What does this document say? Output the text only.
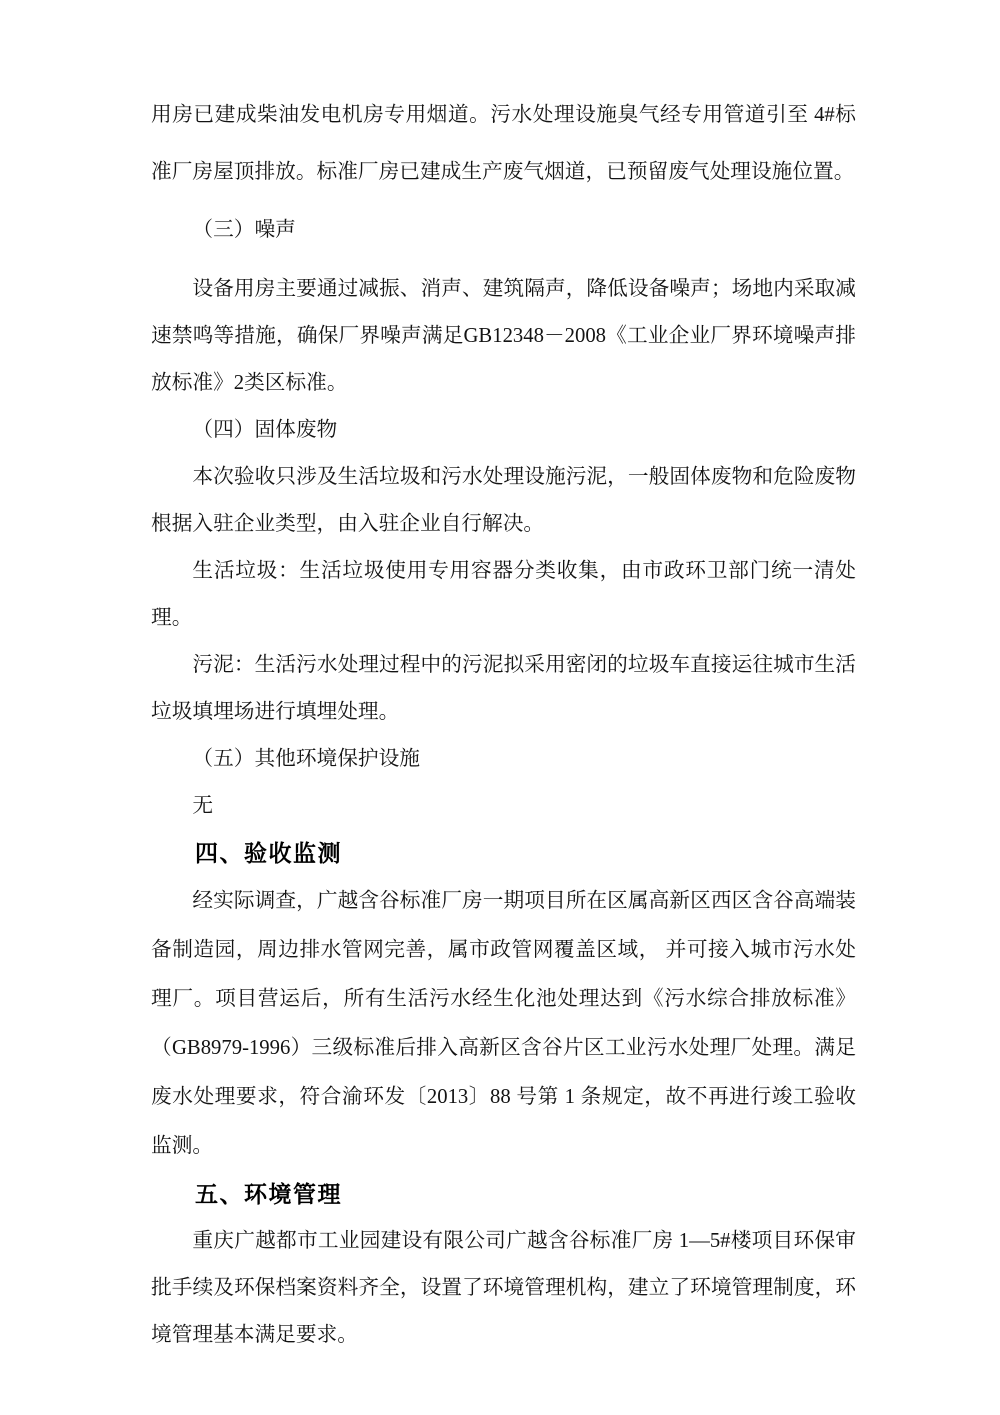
用房已建成柴油发电机房专用烟道。污水处理设施臭气经专用管道引至 4#标准厂房屋顶排放。标准厂房已建成生产废气烟道，已预留废气处理设施位置。

（三）噪声

设备用房主要通过减振、消声、建筑隔声，降低设备噪声；场地内采取减速禁鸣等措施，确保厂界噪声满足GB12348－2008《工业企业厂界环境噪声排放标准》2类区标准。

（四）固体废物

本次验收只涉及生活垃圾和污水处理设施污泥，一般固体废物和危险废物根据入驻企业类型，由入驻企业自行解决。

生活垃圾：生活垃圾使用专用容器分类收集，由市政环卫部门统一清处理。

污泥：生活污水处理过程中的污泥拟采用密闭的垃圾车直接运往城市生活垃圾填埋场进行填埋处理。

（五）其他环境保护设施

无

四、验收监测

经实际调查，广越含谷标准厂房一期项目所在区属高新区西区含谷高端装备制造园，周边排水管网完善，属市政管网覆盖区域， 并可接入城市污水处理厂。项目营运后，所有生活污水经生化池处理达到《污水综合排放标准》（GB8979-1996）三级标准后排入高新区含谷片区工业污水处理厂处理。满足废水处理要求，符合渝环发〔2013〕88 号第 1 条规定，故不再进行竣工验收监测。

五、环境管理

重庆广越都市工业园建设有限公司广越含谷标准厂房 1—5#楼项目环保审批手续及环保档案资料齐全，设置了环境管理机构，建立了环境管理制度，环境管理基本满足要求。
